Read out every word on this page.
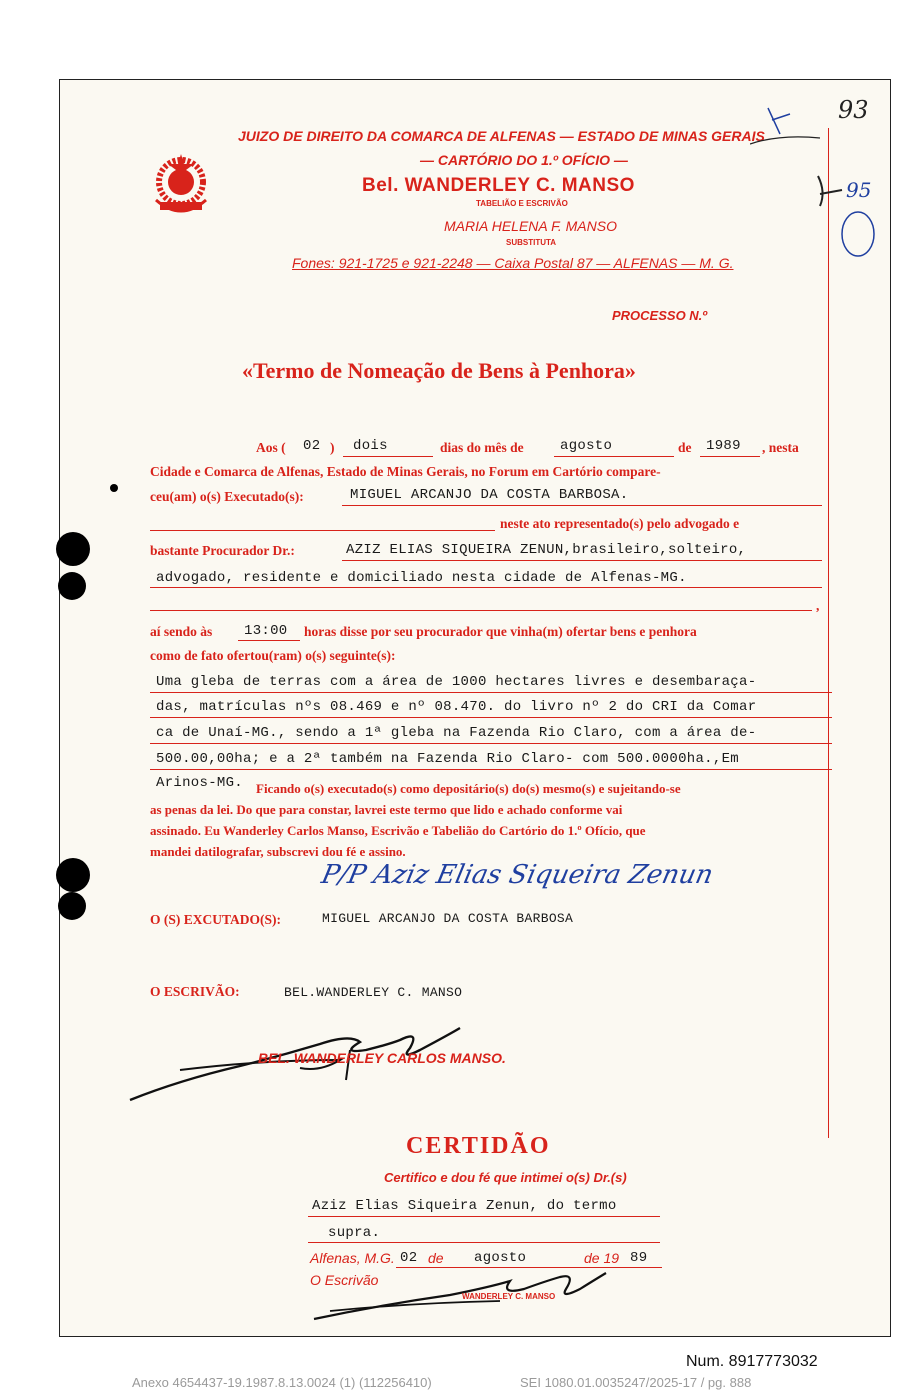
JUIZO DE DIREITO DA COMARCA DE ALFENAS — ESTADO DE MINAS GERAIS
— CARTÓRIO DO 1.º OFÍCIO —
Bel. WANDERLEY C. MANSO
TABELIÃO E ESCRIVÃO
MARIA HELENA F. MANSO
SUBSTITUTA
Fones: 921-1725 e 921-2248 — Caixa Postal 87 — ALFENAS — M. G.
PROCESSO N.º
93
95
«Termo de Nomeação de Bens à Penhora»
Aos ( 02 ) dois	dias do mês de	agosto	de 1989 , nesta
Cidade e Comarca de Alfenas, Estado de Minas Gerais, no Forum em Cartório compare-
ceu(am) o(s) Executado(s):	MIGUEL ARCANJO DA COSTA BARBOSA.
neste ato representado(s) pelo advogado e
bastante Procurador Dr.:	AZIZ ELIAS SIQUEIRA ZENUN,brasileiro,solteiro,
advogado, residente e domiciliado nesta cidade de Alfenas-MG.
,
aí sendo às 13:00 horas disse por seu procurador que vinha(m) ofertar bens e penhora
como de fato ofertou(ram) o(s) seguinte(s):
Uma gleba de terras com a área de 1000 hectares livres e desembaraça-
das, matrículas nºs 08.469 e nº 08.470. do livro nº 2 do CRI da Comar
ca de Unaí-MG., sendo a 1ª gleba na Fazenda Rio Claro, com a área de-
500.00,00ha; e a 2ª também na Fazenda Rio Claro- com 500.0000ha.,Em
Arinos-MG. Ficando o(s) executado(s) como depositário(s) do(s) mesmo(s) e sujeitando-se
as penas da lei. Do que para constar, lavrei este termo que lido e achado conforme vai
assinado. Eu Wanderley Carlos Manso, Escrivão e Tabelião do Cartório do 1.º Ofício, que
mandei datilografar, subscrevi dou fé e assino.
P/P Aziz Elias Siqueira Zenun
O (S) EXCUTADO(S):	MIGUEL ARCANJO DA COSTA BARBOSA
O ESCRIVÃO:	BEL.WANDERLEY C. MANSO
BEL. WANDERLEY CARLOS MANSO.
CERTIDÃO
Certifico e dou fé que intimei o(s) Dr.(s)
Aziz Elias Siqueira Zenun, do termo
supra.
Alfenas, M.G. 02 de agosto	de 19 89
O Escrivão
WANDERLEY C. MANSO
Num. 8917773032
Anexo 4654437-19.1987.8.13.0024 (1) (112256410)	SEI 1080.01.0035247/2025-17 / pg. 888
